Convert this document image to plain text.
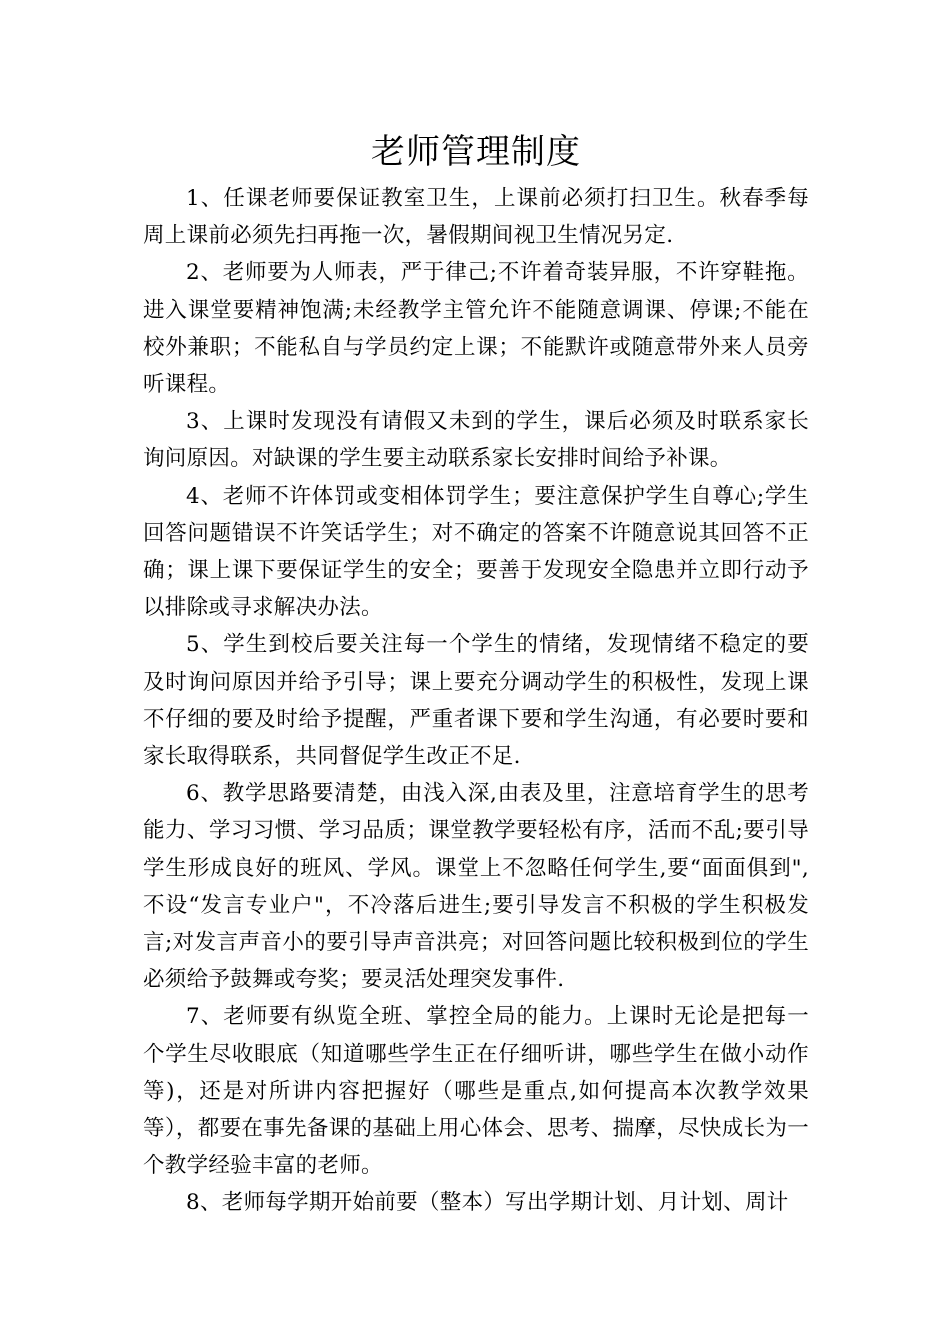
老师管理制度

1、任课老师要保证教室卫生，上课前必须打扫卫生。秋春季每周上课前必须先扫再拖一次，暑假期间视卫生情况另定.

2、老师要为人师表，严于律己;不许着奇装异服，不许穿鞋拖。进入课堂要精神饱满;未经教学主管允许不能随意调课、停课;不能在校外兼职；不能私自与学员约定上课；不能默许或随意带外来人员旁听课程。

3、上课时发现没有请假又未到的学生，课后必须及时联系家长询问原因。对缺课的学生要主动联系家长安排时间给予补课。

4、老师不许体罚或变相体罚学生；要注意保护学生自尊心;学生回答问题错误不许笑话学生；对不确定的答案不许随意说其回答不正确；课上课下要保证学生的安全；要善于发现安全隐患并立即行动予以排除或寻求解决办法。

5、学生到校后要关注每一个学生的情绪，发现情绪不稳定的要及时询问原因并给予引导；课上要充分调动学生的积极性，发现上课不仔细的要及时给予提醒，严重者课下要和学生沟通，有必要时要和家长取得联系，共同督促学生改正不足.

6、教学思路要清楚，由浅入深,由表及里，注意培育学生的思考能力、学习习惯、学习品质；课堂教学要轻松有序，活而不乱;要引导学生形成良好的班风、学风。课堂上不忽略任何学生,要“面面俱到",不设“发言专业户"，不冷落后进生;要引导发言不积极的学生积极发言;对发言声音小的要引导声音洪亮；对回答问题比较积极到位的学生必须给予鼓舞或夸奖；要灵活处理突发事件.

7、老师要有纵览全班、掌控全局的能力。上课时无论是把每一个学生尽收眼底（知道哪些学生正在仔细听讲，哪些学生在做小动作等)，还是对所讲内容把握好（哪些是重点,如何提高本次教学效果等），都要在事先备课的基础上用心体会、思考、揣摩，尽快成长为一个教学经验丰富的老师。

8、老师每学期开始前要（整本）写出学期计划、月计划、周计
